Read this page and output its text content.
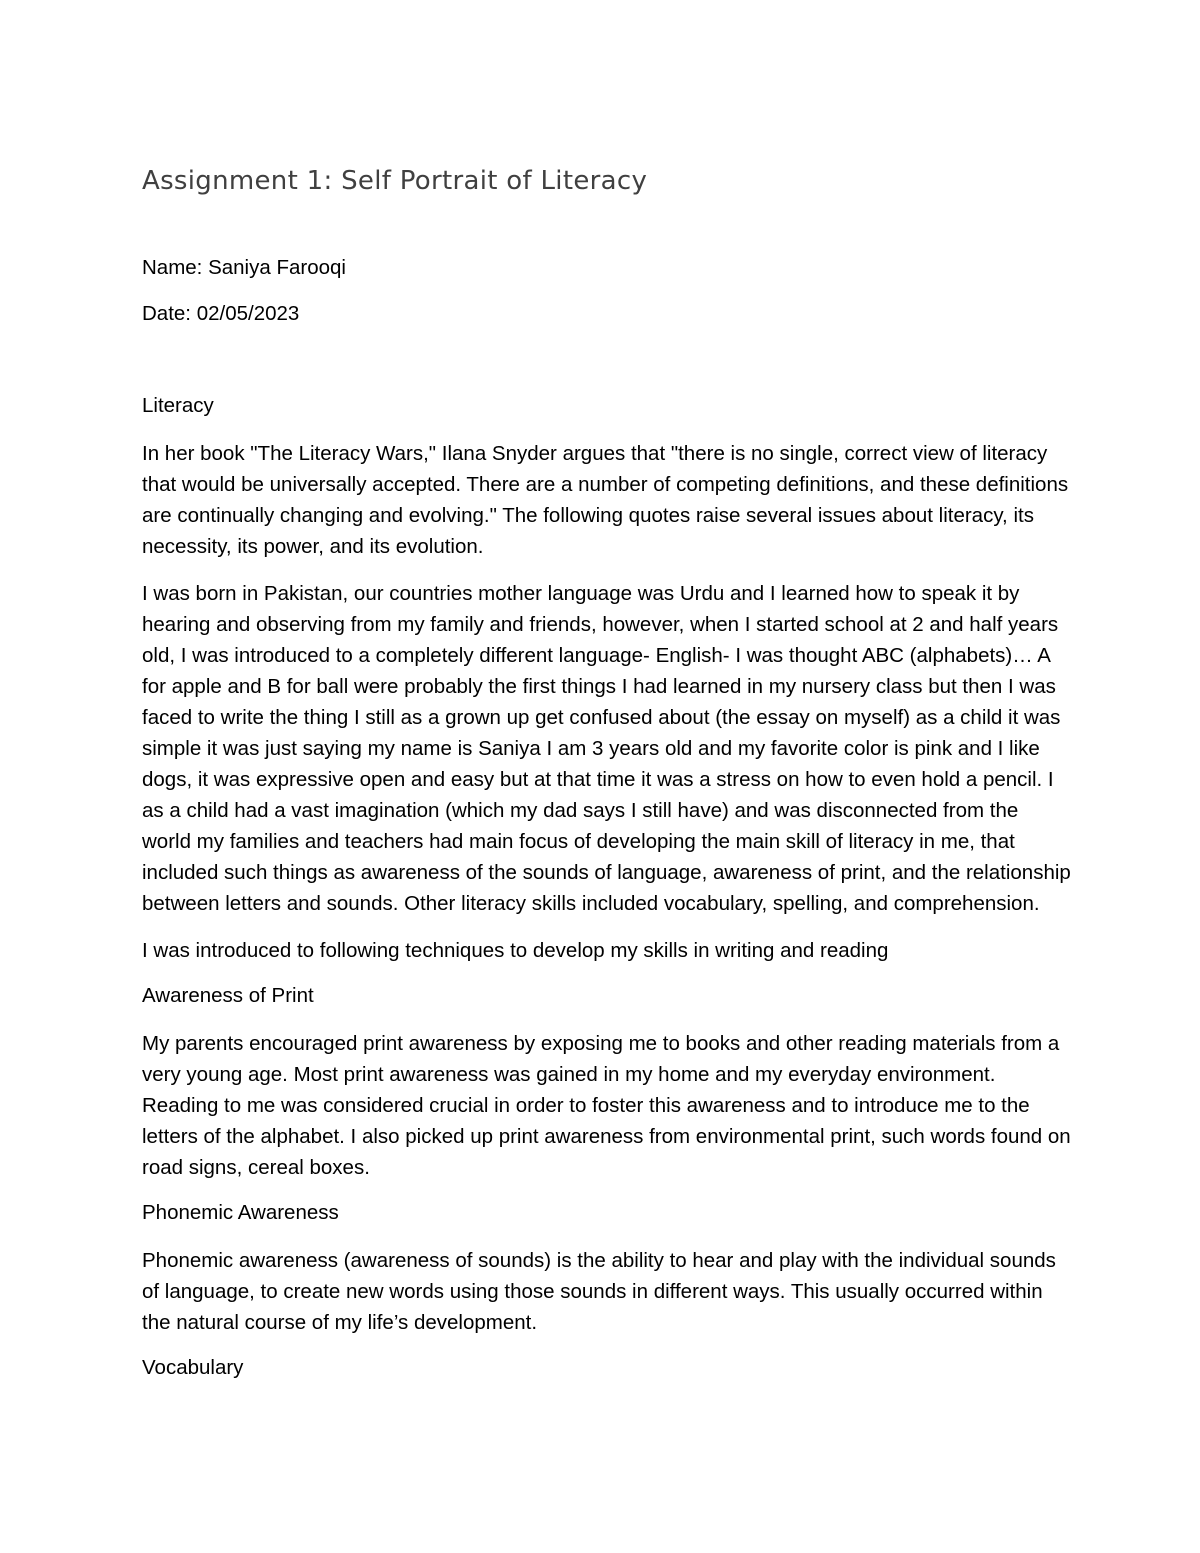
Assignment 1: Self Portrait of Literacy

Name: Saniya Farooqi

Date: 02/05/2023

Literacy

In her book "The Literacy Wars," Ilana Snyder argues that "there is no single, correct view of literacy that would be universally accepted. There are a number of competing definitions, and these definitions are continually changing and evolving." The following quotes raise several issues about literacy, its necessity, its power, and its evolution.

I was born in Pakistan, our countries mother language was Urdu and I learned how to speak it by hearing and observing from my family and friends, however, when I started school at 2 and half years old, I was introduced to a completely different language- English- I was thought ABC (alphabets)… A for apple and B for ball were probably the first things I had learned in my nursery class but then I was faced to write the thing I still as a grown up get confused about (the essay on myself) as a child it was simple it was just saying my name is Saniya I am 3 years old and my favorite color is pink and I like dogs, it was expressive open and easy but at that time it was a stress on how to even hold a pencil. I as a child had a vast imagination (which my dad says I still have) and was disconnected from the world my families and teachers had main focus of developing the main skill of literacy in me, that included such things as awareness of the sounds of language, awareness of print, and the relationship between letters and sounds. Other literacy skills included vocabulary, spelling, and comprehension.

I was introduced to following techniques to develop my skills in writing and reading

Awareness of Print

My parents encouraged print awareness by exposing me to books and other reading materials from a very young age. Most print awareness was gained in my home and my everyday environment. Reading to me was considered crucial in order to foster this awareness and to introduce me to the letters of the alphabet. I also picked up print awareness from environmental print, such words found on road signs, cereal boxes.

Phonemic Awareness

Phonemic awareness (awareness of sounds) is the ability to hear and play with the individual sounds of language, to create new words using those sounds in different ways. This usually occurred within the natural course of my life’s development.

Vocabulary
